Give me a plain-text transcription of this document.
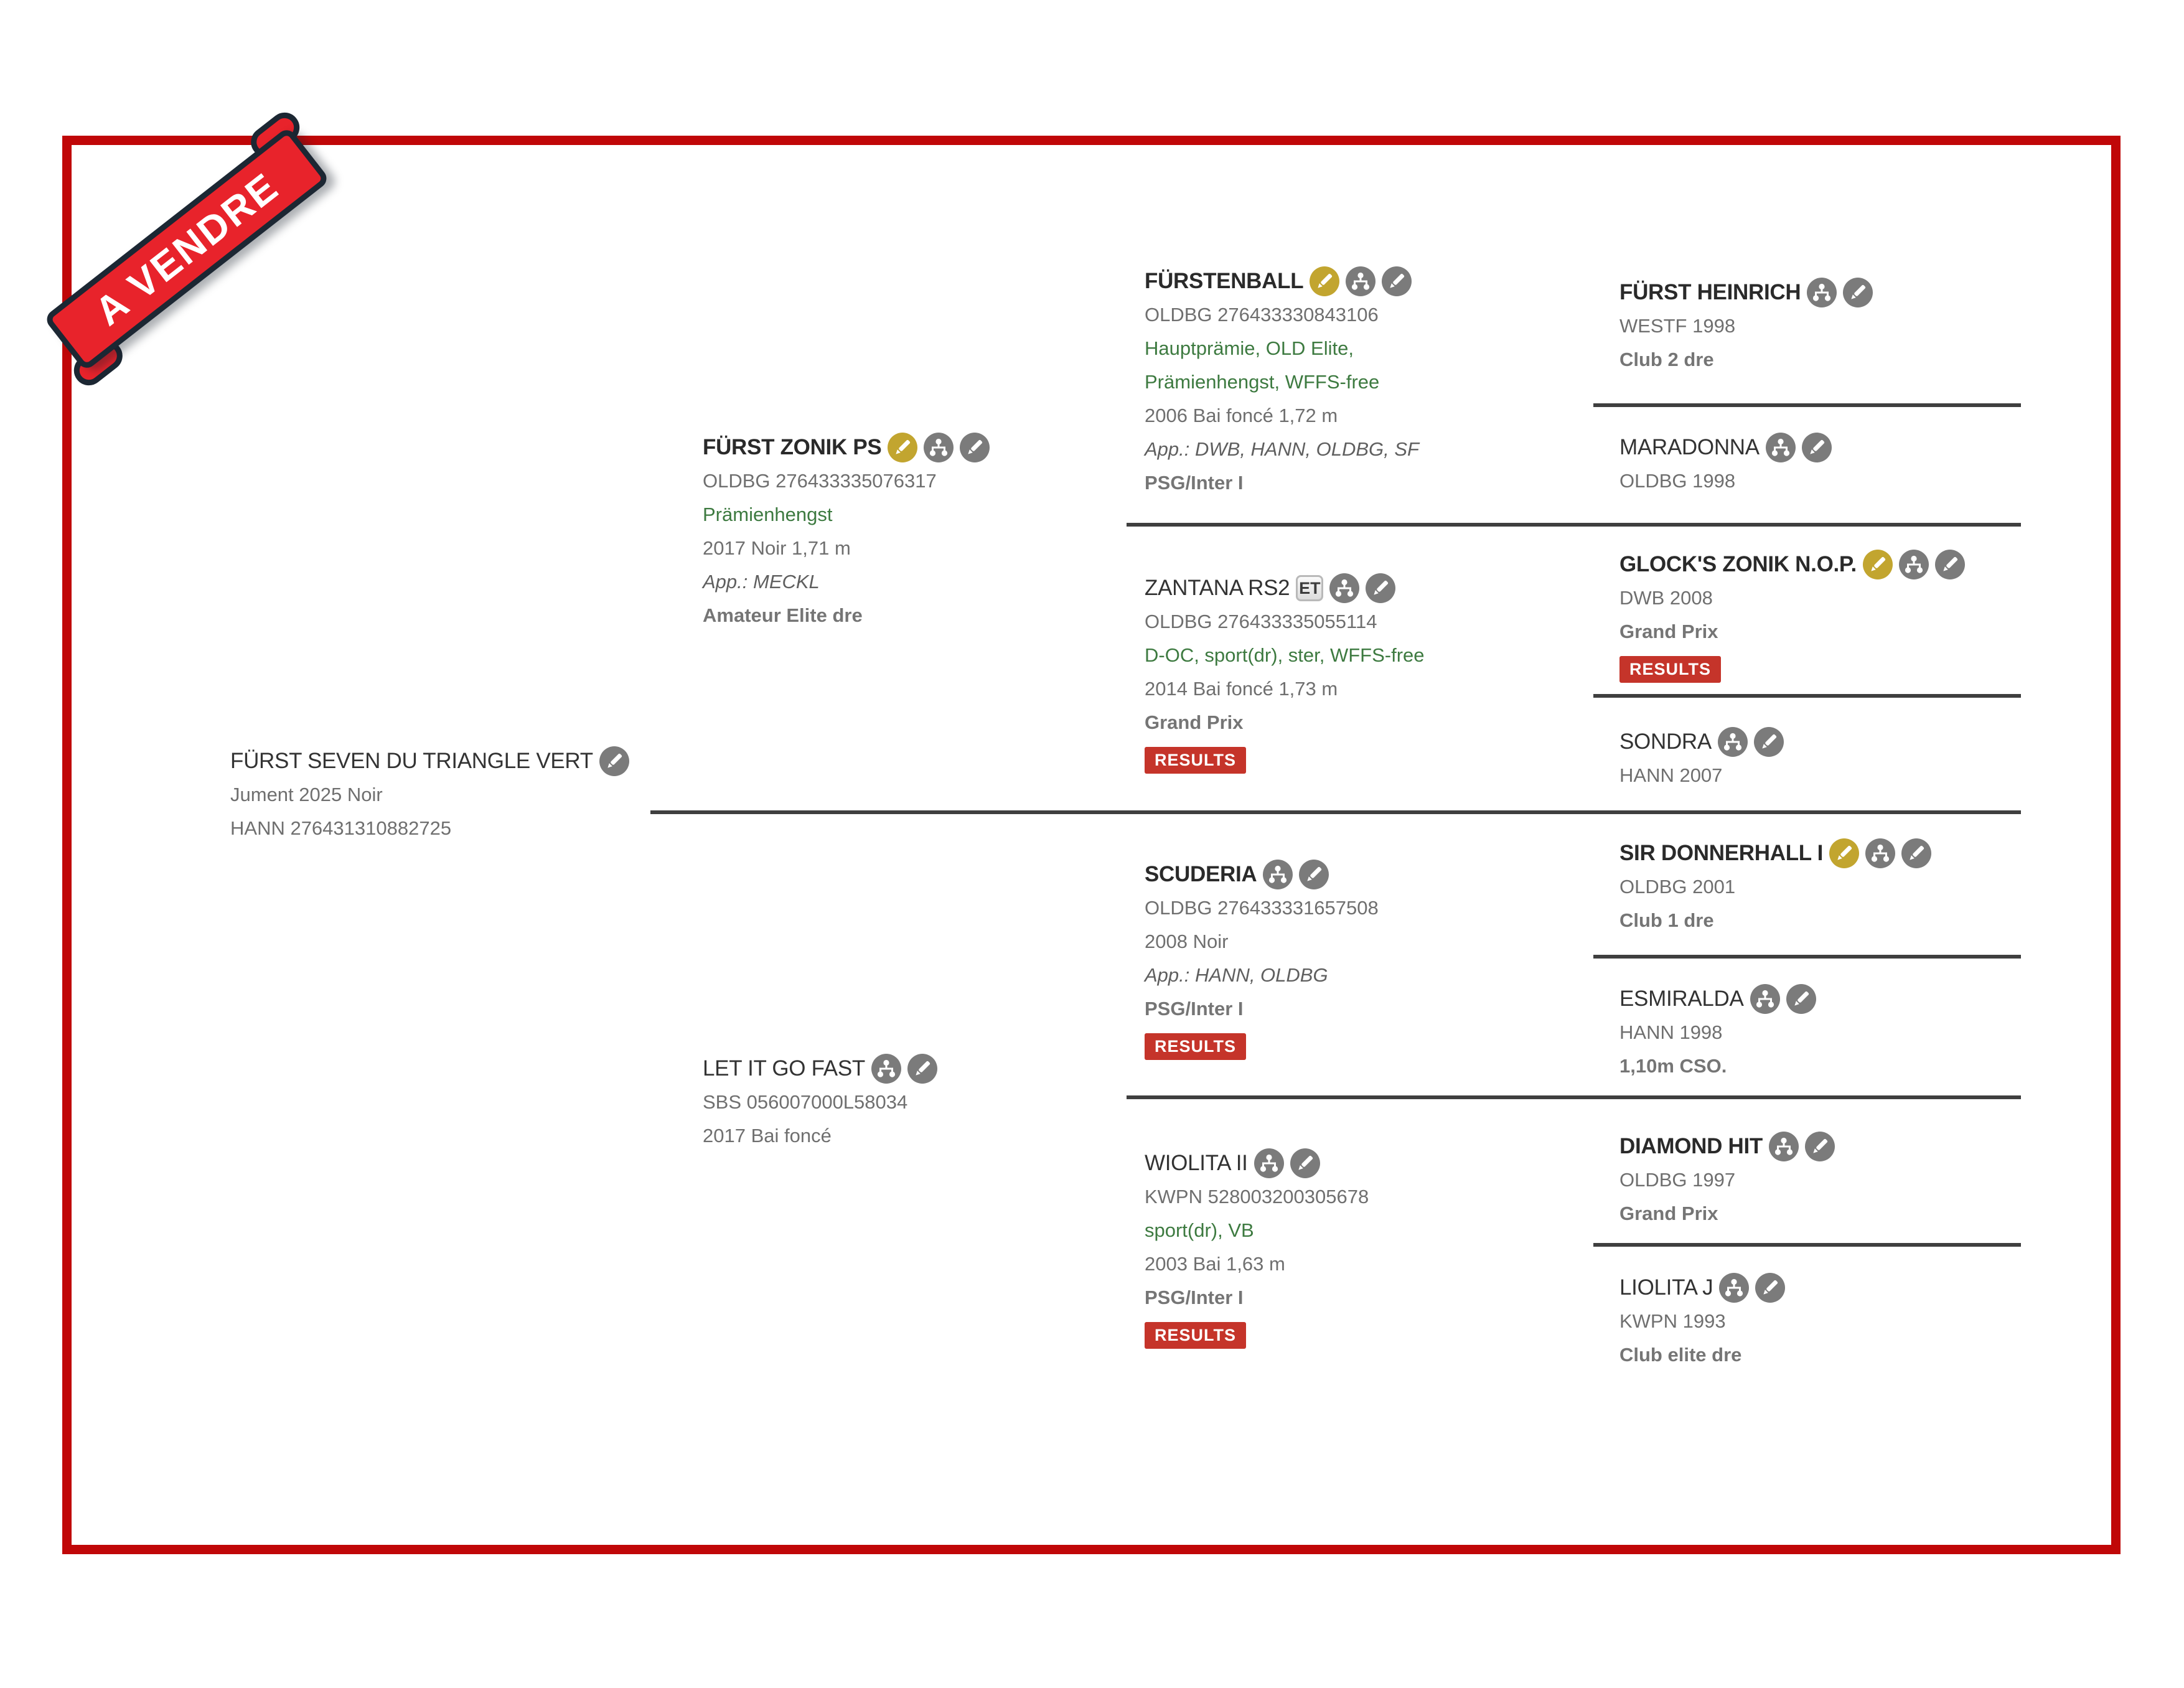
A VENDRE
FÜRST SEVEN DU TRIANGLE VERT
Jument 2025 Noir
HANN 276431310882725
FÜRST ZONIK PS
OLDBG 276433335076317
Prämienhengst
2017 Noir 1,71 m
App.: MECKL
Amateur Elite dre
LET IT GO FAST
SBS 056007000L58034
2017 Bai foncé
FÜRSTENBALL
OLDBG 276433330843106
Hauptprämie, OLD Elite,
Prämienhengst, WFFS-free
2006 Bai foncé 1,72 m
App.: DWB, HANN, OLDBG, SF
PSG/Inter I
ZANTANA RS2 ET
OLDBG 276433335055114
D-OC, sport(dr), ster, WFFS-free
2014 Bai foncé 1,73 m
Grand Prix
RESULTS
SCUDERIA
OLDBG 276433331657508
2008 Noir
App.: HANN, OLDBG
PSG/Inter I
RESULTS
WIOLITA II
KWPN 528003200305678
sport(dr), VB
2003 Bai 1,63 m
PSG/Inter I
RESULTS
FÜRST HEINRICH
WESTF 1998
Club 2 dre
MARADONNA
OLDBG 1998
GLOCK'S ZONIK N.O.P.
DWB 2008
Grand Prix
RESULTS
SONDRA
HANN 2007
SIR DONNERHALL I
OLDBG 2001
Club 1 dre
ESMIRALDA
HANN 1998
1,10m CSO.
DIAMOND HIT
OLDBG 1997
Grand Prix
LIOLITA J
KWPN 1993
Club elite dre
